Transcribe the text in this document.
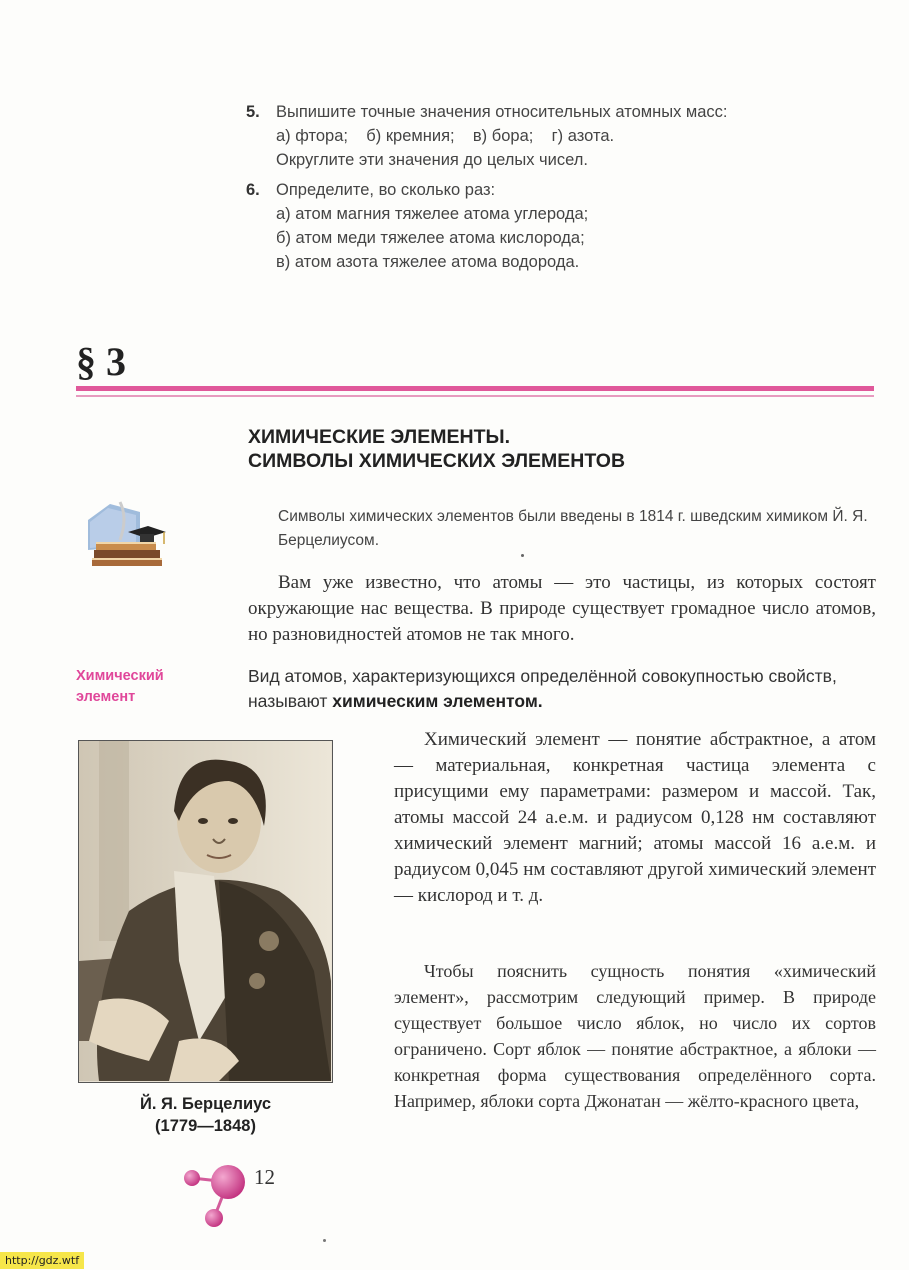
5. Выпишите точные значения относительных атомных масс:
а) фтора;    б) кремния;    в) бора;    г) азота.
Округлите эти значения до целых чисел.
6. Определите, во сколько раз:
а) атом магния тяжелее атома углерода;
б) атом меди тяжелее атома кислорода;
в) атом азота тяжелее атома водорода.
§ 3
ХИМИЧЕСКИЕ ЭЛЕМЕНТЫ.
СИМВОЛЫ ХИМИЧЕСКИХ ЭЛЕМЕНТОВ
Символы химических элементов были введены в 1814 г. шведским химиком Й. Я. Берцелиусом.
Вам уже известно, что атомы — это частицы, из которых состоят окружающие нас вещества. В природе существует громадное число атомов, но разновидностей атомов не так много.
Химический
элемент
Вид атомов, характеризующихся определённой совокупностью свойств, называют химическим элементом.
Й. Я. Берцелиус
(1779—1848)
Химический элемент — понятие абстрактное, а атом — материальная, конкретная частица элемента с присущими ему параметрами: размером и массой. Так, атомы массой 24 а.е.м. и радиусом 0,128 нм составляют химический элемент магний; атомы массой 16 а.е.м. и радиусом 0,045 нм составляют другой химический элемент — кислород и т. д.
Чтобы пояснить сущность понятия «химический элемент», рассмотрим следующий пример. В природе существует большое число яблок, но число их сортов ограничено. Сорт яблок — понятие абстрактное, а яблоки — конкретная форма существования определённого сорта. Например, яблоки сорта Джонатан — жёлто-красного цвета,
12
http://gdz.wtf
